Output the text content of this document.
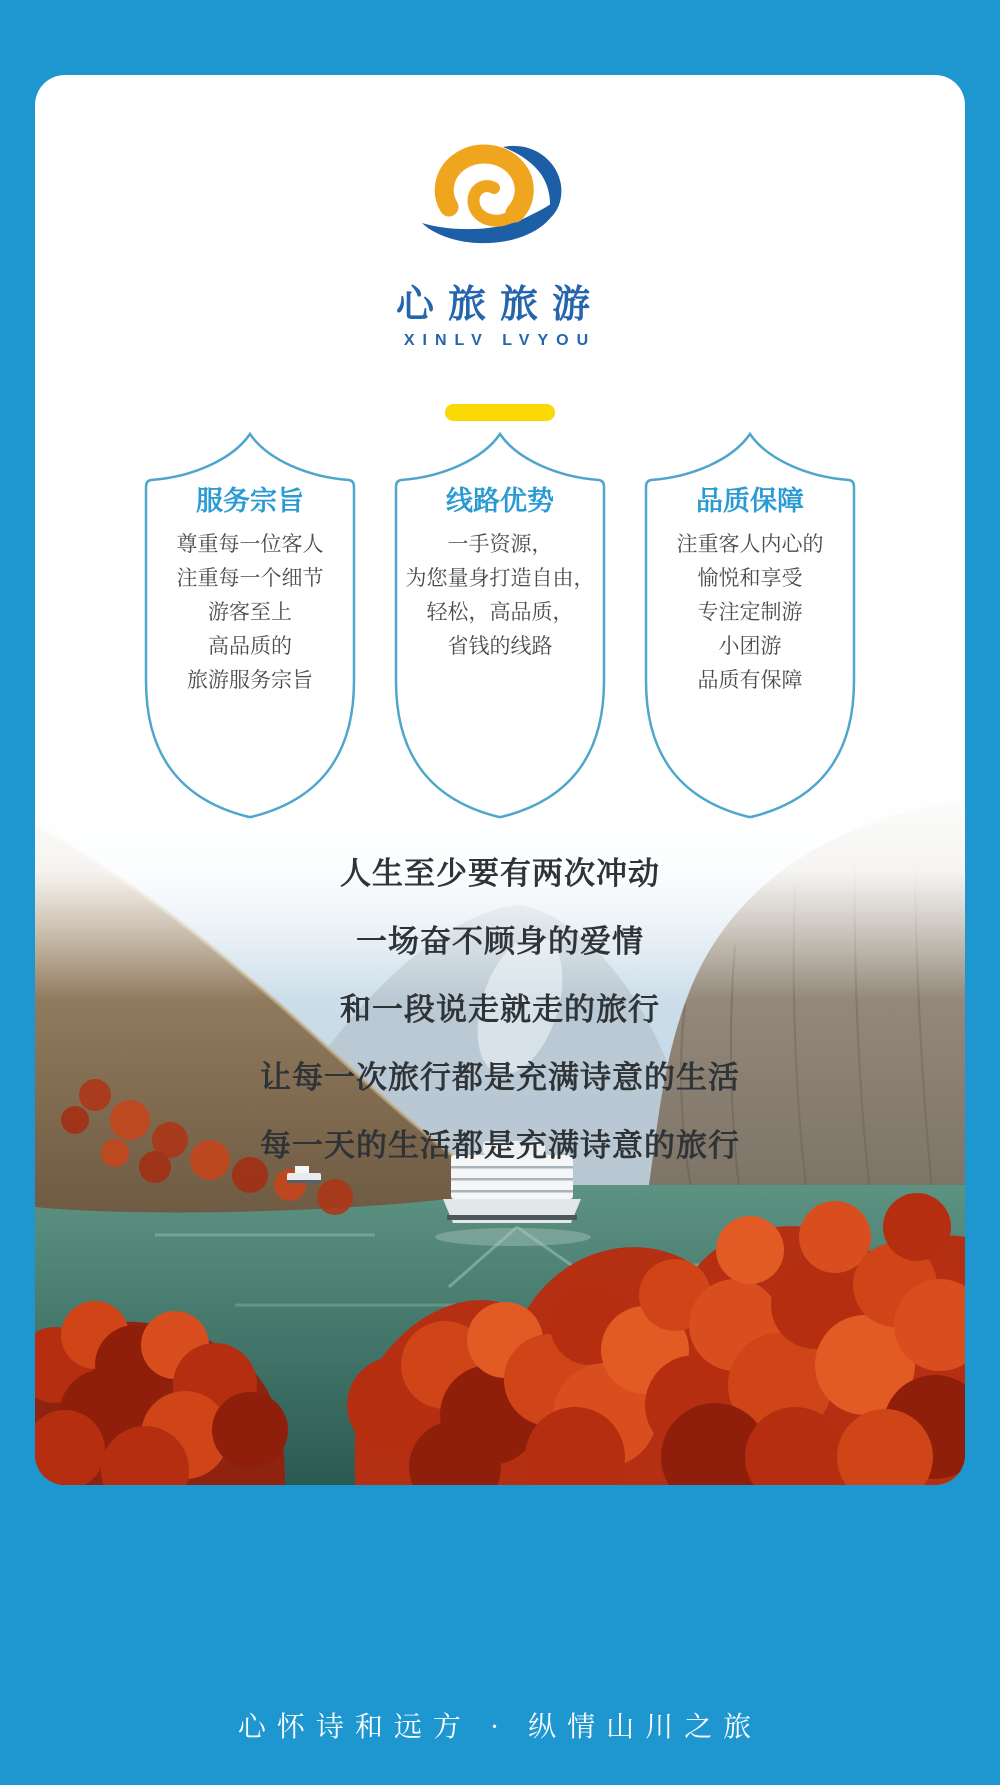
心旅旅游
XINLV LVYOU
服务宗旨
尊重每一位客人
注重每一个细节
游客至上
高品质的
旅游服务宗旨
线路优势
一手资源，
为您量身打造自由，
轻松，高品质，
省钱的线路
品质保障
注重客人内心的
愉悦和享受
专注定制游
小团游
品质有保障
人生至少要有两次冲动
一场奋不顾身的爱情
和一段说走就走的旅行
让每一次旅行都是充满诗意的生活
每一天的生活都是充满诗意的旅行
心怀诗和远方 · 纵情山川之旅
